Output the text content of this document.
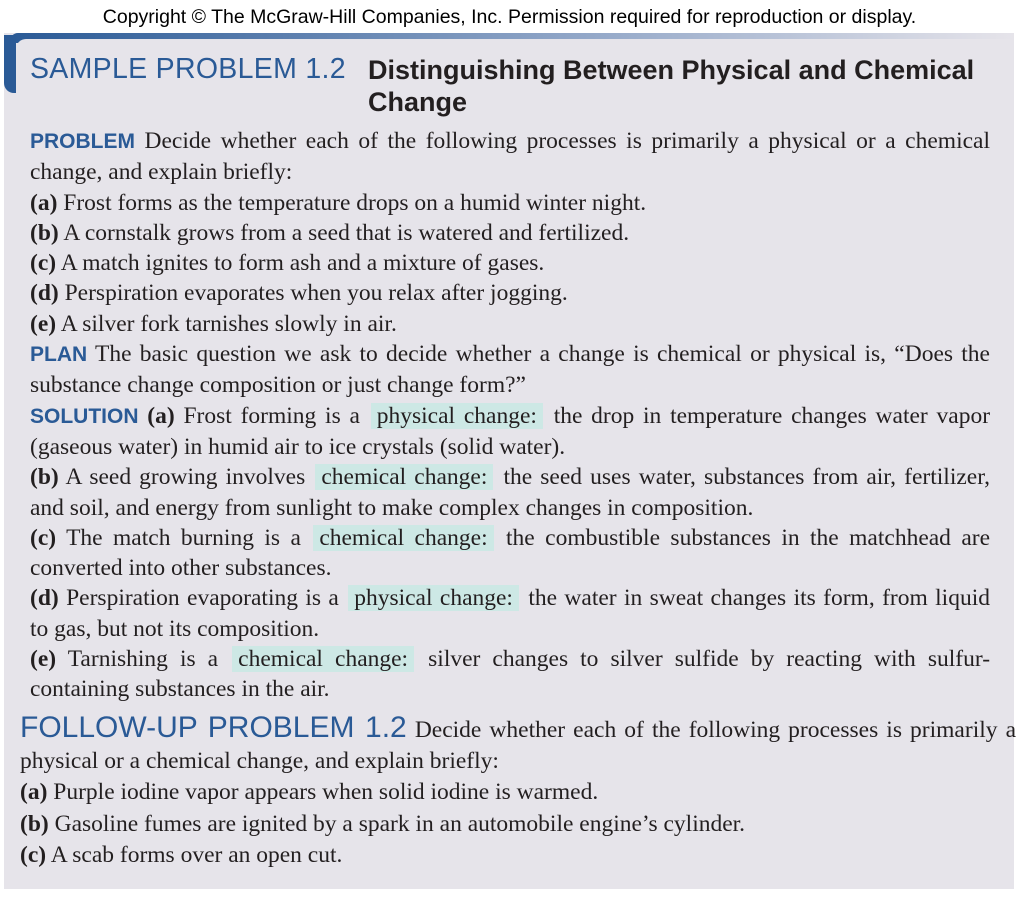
Copyright © The McGraw-Hill Companies, Inc. Permission required for reproduction or display.
SAMPLE PROBLEM 1.2 Distinguishing Between Physical and Chemical Change

PROBLEM Decide whether each of the following processes is primarily a physical or a chemical change, and explain briefly:

(a) Frost forms as the temperature drops on a humid winter night.

(b) A cornstalk grows from a seed that is watered and fertilized.

(c) A match ignites to form ash and a mixture of gases.

(d) Perspiration evaporates when you relax after jogging.

(e) A silver fork tarnishes slowly in air.

PLAN The basic question we ask to decide whether a change is chemical or physical is, “Does the substance change composition or just change form?”

SOLUTION (a) Frost forming is a physical change: the drop in temperature changes water vapor (gaseous water) in humid air to ice crystals (solid water).

(b) A seed growing involves chemical change: the seed uses water, substances from air, fertilizer, and soil, and energy from sunlight to make complex changes in composition.

(c) The match burning is a chemical change: the combustible substances in the matchhead are converted into other substances.

(d) Perspiration evaporating is a physical change: the water in sweat changes its form, from liquid to gas, but not its composition.

(e) Tarnishing is a chemical change: silver changes to silver sulfide by reacting with sulfur-containing substances in the air.

FOLLOW-UP PROBLEM 1.2 Decide whether each of the following processes is primarily a physical or a chemical change, and explain briefly:

(a) Purple iodine vapor appears when solid iodine is warmed.

(b) Gasoline fumes are ignited by a spark in an automobile engine’s cylinder.

(c) A scab forms over an open cut.
